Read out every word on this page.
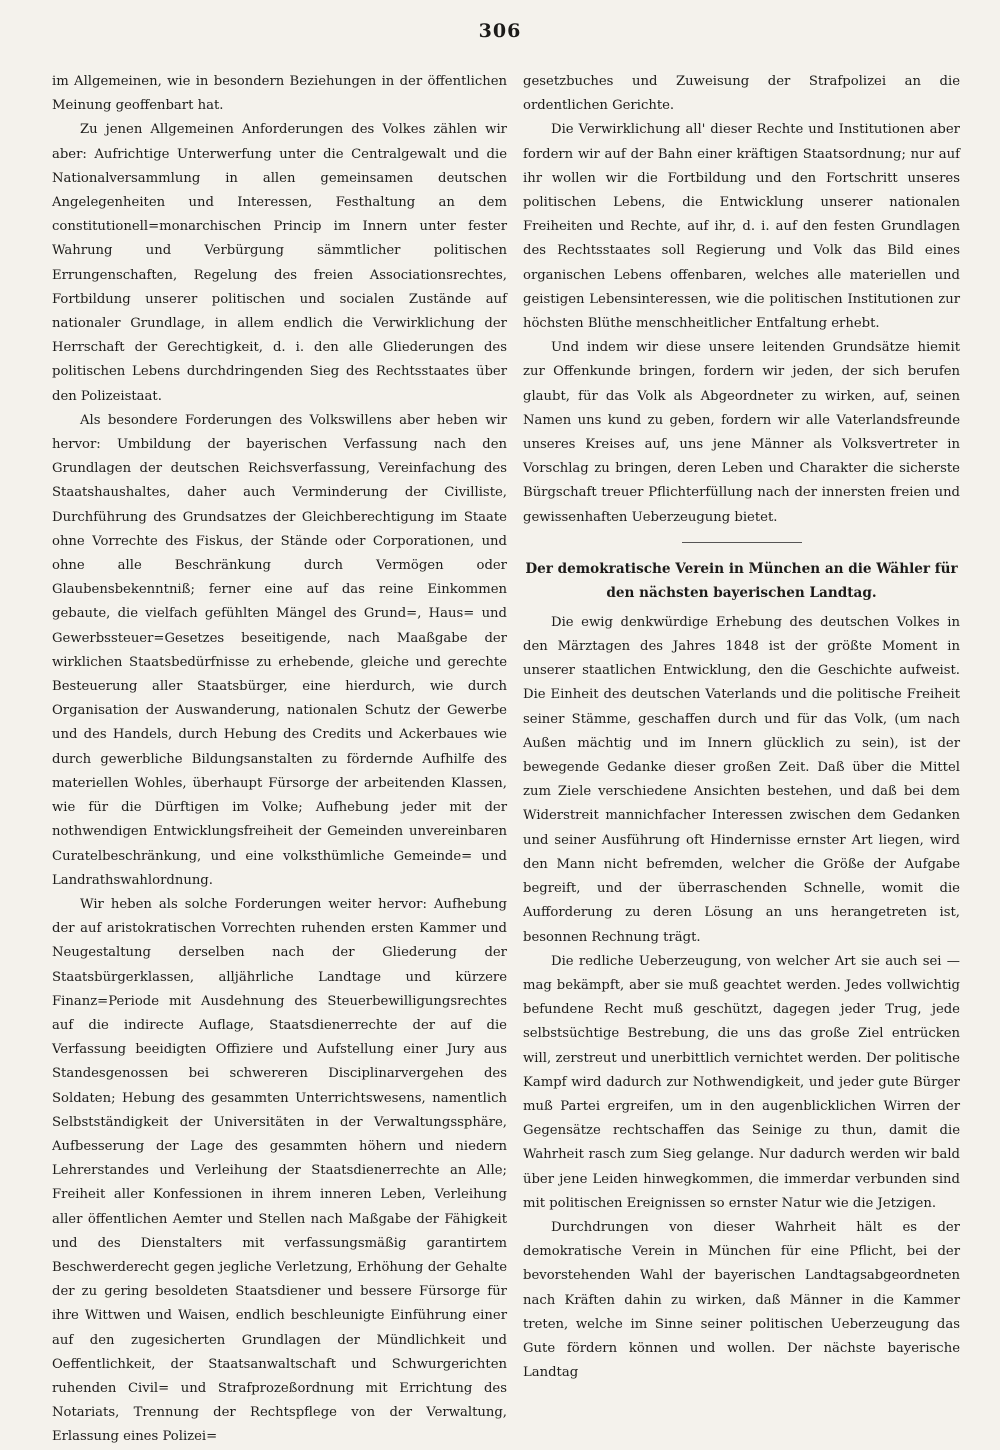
306

im Allgemeinen, wie in besondern Beziehungen in der öffentlichen Meinung geoffenbart hat.

Zu jenen Allgemeinen Anforderungen des Volkes zählen wir aber: Aufrichtige Unterwerfung unter die Centralgewalt und die Nationalversammlung in allen gemeinsamen deutschen Angelegenheiten und Interessen, Festhaltung an dem constitutionell=monarchischen Princip im Innern unter fester Wahrung und Verbürgung sämmtlicher politischen Errungenschaften, Regelung des freien Associationsrechtes, Fortbildung unserer politischen und socialen Zustände auf nationaler Grundlage, in allem endlich die Verwirklichung der Herrschaft der Gerechtigkeit, d. i. den alle Gliederungen des politischen Lebens durchdringenden Sieg des Rechtsstaates über den Polizeistaat.

Als besondere Forderungen des Volkswillens aber heben wir hervor: Umbildung der bayerischen Verfassung nach den Grundlagen der deutschen Reichsverfassung, Vereinfachung des Staatshaushaltes, daher auch Verminderung der Civilliste, Durchführung des Grundsatzes der Gleichberechtigung im Staate ohne Vorrechte des Fiskus, der Stände oder Corporationen, und ohne alle Beschränkung durch Vermögen oder Glaubensbekenntniß; ferner eine auf das reine Einkommen gebaute, die vielfach gefühlten Mängel des Grund=, Haus= und Gewerbssteuer=Gesetzes beseitigende, nach Maaßgabe der wirklichen Staatsbedürfnisse zu erhebende, gleiche und gerechte Besteuerung aller Staatsbürger, eine hierdurch, wie durch Organisation der Auswanderung, nationalen Schutz der Gewerbe und des Handels, durch Hebung des Credits und Ackerbaues wie durch gewerbliche Bildungsanstalten zu fördernde Aufhilfe des materiellen Wohles, überhaupt Fürsorge der arbeitenden Klassen, wie für die Dürftigen im Volke; Aufhebung jeder mit der nothwendigen Entwicklungsfreiheit der Gemeinden unvereinbaren Curatelbeschränkung, und eine volksthümliche Gemeinde= und Landrathswahlordnung.

Wir heben als solche Forderungen weiter hervor: Aufhebung der auf aristokratischen Vorrechten ruhenden ersten Kammer und Neugestaltung derselben nach der Gliederung der Staatsbürgerklassen, alljährliche Landtage und kürzere Finanz=Periode mit Ausdehnung des Steuerbewilligungsrechtes auf die indirecte Auflage, Staatsdienerrechte der auf die Verfassung beeidigten Offiziere und Aufstellung einer Jury aus Standesgenossen bei schwereren Disciplinarvergehen des Soldaten; Hebung des gesammten Unterrichtswesens, namentlich Selbstständigkeit der Universitäten in der Verwaltungssphäre, Aufbesserung der Lage des gesammten höhern und niedern Lehrerstandes und Verleihung der Staatsdienerrechte an Alle; Freiheit aller Konfessionen in ihrem inneren Leben, Verleihung aller öffentlichen Aemter und Stellen nach Maßgabe der Fähigkeit und des Dienstalters mit verfassungsmäßig garantirtem Beschwerderecht gegen jegliche Verletzung, Erhöhung der Gehalte der zu gering besoldeten Staatsdiener und bessere Fürsorge für ihre Wittwen und Waisen, endlich beschleunigte Einführung einer auf den zugesicherten Grundlagen der Mündlichkeit und Oeffentlichkeit, der Staatsanwaltschaft und Schwurgerichten ruhenden Civil= und Strafprozeßordnung mit Errichtung des Notariats, Trennung der Rechtspflege von der Verwaltung, Erlassung eines Polizei=

gesetzbuches und Zuweisung der Strafpolizei an die ordentlichen Gerichte.

Die Verwirklichung all' dieser Rechte und Institutionen aber fordern wir auf der Bahn einer kräftigen Staatsordnung; nur auf ihr wollen wir die Fortbildung und den Fortschritt unseres politischen Lebens, die Entwicklung unserer nationalen Freiheiten und Rechte, auf ihr, d. i. auf den festen Grundlagen des Rechtsstaates soll Regierung und Volk das Bild eines organischen Lebens offenbaren, welches alle materiellen und geistigen Lebensinteressen, wie die politischen Institutionen zur höchsten Blüthe menschheitlicher Entfaltung erhebt.

Und indem wir diese unsere leitenden Grundsätze hiemit zur Offenkunde bringen, fordern wir jeden, der sich berufen glaubt, für das Volk als Abgeordneter zu wirken, auf, seinen Namen uns kund zu geben, fordern wir alle Vaterlandsfreunde unseres Kreises auf, uns jene Männer als Volksvertreter in Vorschlag zu bringen, deren Leben und Charakter die sicherste Bürgschaft treuer Pflichterfüllung nach der innersten freien und gewissenhaften Ueberzeugung bietet.

Der demokratische Verein in München an die Wähler für den nächsten bayerischen Landtag.

Die ewig denkwürdige Erhebung des deutschen Volkes in den Märztagen des Jahres 1848 ist der größte Moment in unserer staatlichen Entwicklung, den die Geschichte aufweist. Die Einheit des deutschen Vaterlands und die politische Freiheit seiner Stämme, geschaffen durch und für das Volk, (um nach Außen mächtig und im Innern glücklich zu sein), ist der bewegende Gedanke dieser großen Zeit. Daß über die Mittel zum Ziele verschiedene Ansichten bestehen, und daß bei dem Widerstreit mannichfacher Interessen zwischen dem Gedanken und seiner Ausführung oft Hindernisse ernster Art liegen, wird den Mann nicht befremden, welcher die Größe der Aufgabe begreift, und der überraschenden Schnelle, womit die Aufforderung zu deren Lösung an uns herangetreten ist, besonnen Rechnung trägt.

Die redliche Ueberzeugung, von welcher Art sie auch sei — mag bekämpft, aber sie muß geachtet werden. Jedes vollwichtig befundene Recht muß geschützt, dagegen jeder Trug, jede selbstsüchtige Bestrebung, die uns das große Ziel entrücken will, zerstreut und unerbittlich vernichtet werden. Der politische Kampf wird dadurch zur Nothwendigkeit, und jeder gute Bürger muß Partei ergreifen, um in den augenblicklichen Wirren der Gegensätze rechtschaffen das Seinige zu thun, damit die Wahrheit rasch zum Sieg gelange. Nur dadurch werden wir bald über jene Leiden hinwegkommen, die immerdar verbunden sind mit politischen Ereignissen so ernster Natur wie die Jetzigen.

Durchdrungen von dieser Wahrheit hält es der demokratische Verein in München für eine Pflicht, bei der bevorstehenden Wahl der bayerischen Landtagsabgeordneten nach Kräften dahin zu wirken, daß Männer in die Kammer treten, welche im Sinne seiner politischen Ueberzeugung das Gute fördern können und wollen. Der nächste bayerische Landtag
